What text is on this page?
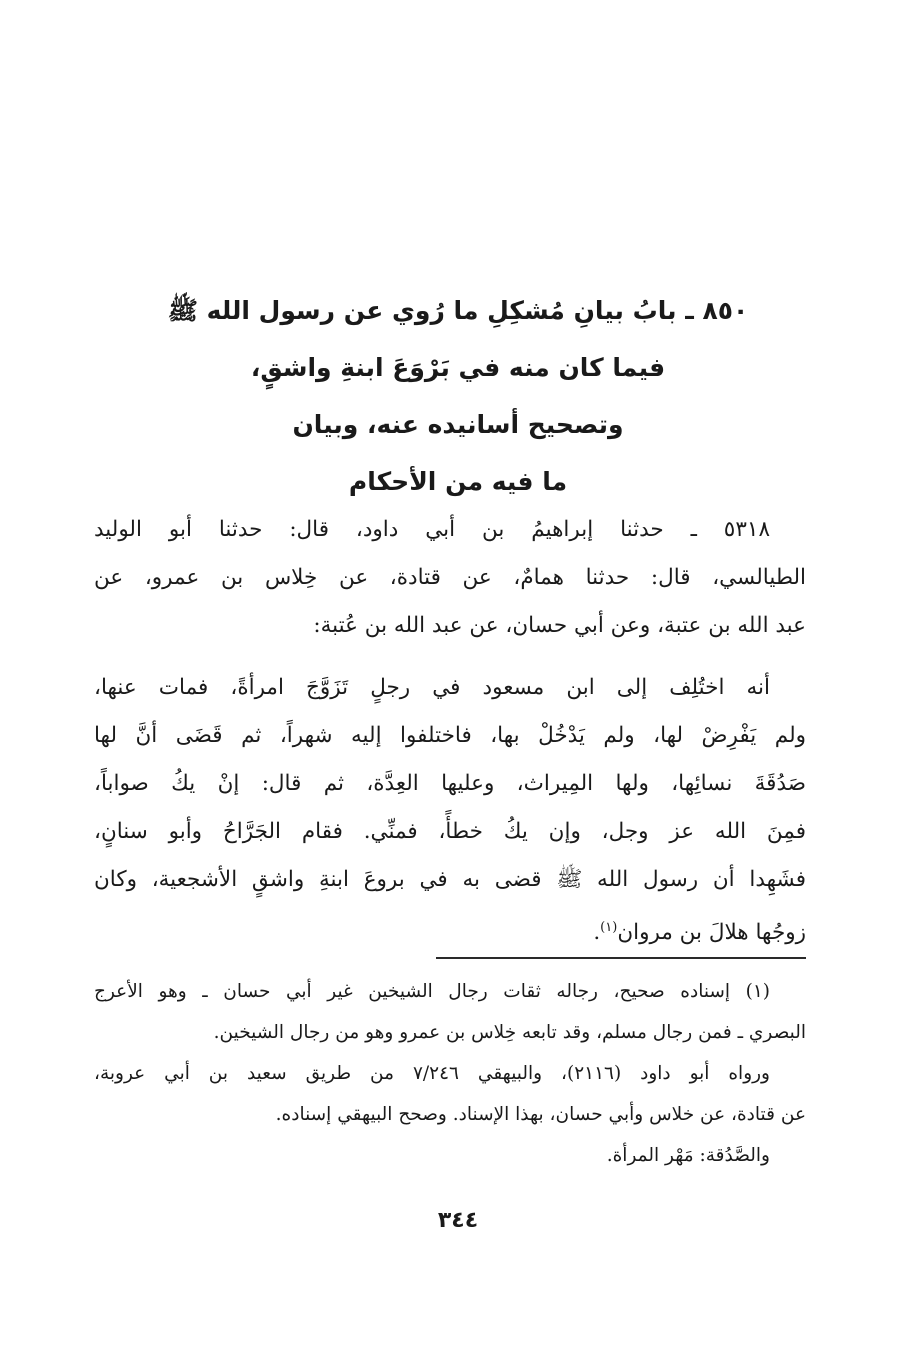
٨٥٠ ـ بابُ بيانِ مُشكِلِ ما رُوي عن رسول الله ﷺ
فيما كان منه في بَرْوَعَ ابنةِ واشقٍ،
وتصحيح أسانيده عنه، وبيان
ما فيه من الأحكام
٥٣١٨ ـ حدثنا إبراهيمُ بن أبي داود، قال: حدثنا أبو الوليد
الطيالسي، قال: حدثنا همامٌ، عن قتادة، عن خِلاس بن عمرو، عن
عبد الله بن عتبة، وعن أبي حسان، عن عبد الله بن عُتبة:
أنه اختُلِف إلى ابن مسعود في رجلٍ تَزَوَّجَ امرأةً، فمات عنها،
ولم يَفْرِضْ لها، ولم يَدْخُلْ بها، فاختلفوا إليه شهراً، ثم قَضَى أنَّ لها
صَدُقَةَ نسائِها، ولها المِيراث، وعليها العِدَّة، ثم قال: إنْ يكُ صواباً،
فمِنَ الله عز وجل، وإن يكُ خطأً، فمنِّي. فقام الجَرَّاحُ وأبو سنانٍ،
فشَهِدا أن رسول الله ﷺ قضى به في بروعَ ابنةِ واشقٍ الأشجعية، وكان
زوجُها هلالَ بن مروان$^{(١)}$.
(١) إسناده صحيح، رجاله ثقات رجال الشيخين غير أبي حسان ـ وهو الأعرج
البصري ـ فمن رجال مسلم، وقد تابعه خِلاس بن عمرو وهو من رجال الشيخين.
ورواه أبو داود (٢١١٦)، والبيهقي ٧/٢٤٦ من طريق سعيد بن أبي عروبة،
عن قتادة، عن خلاس وأبي حسان، بهذا الإسناد. وصحح البيهقي إسناده.
والصَّدُقة: مَهْر المرأة.
٣٤٤
